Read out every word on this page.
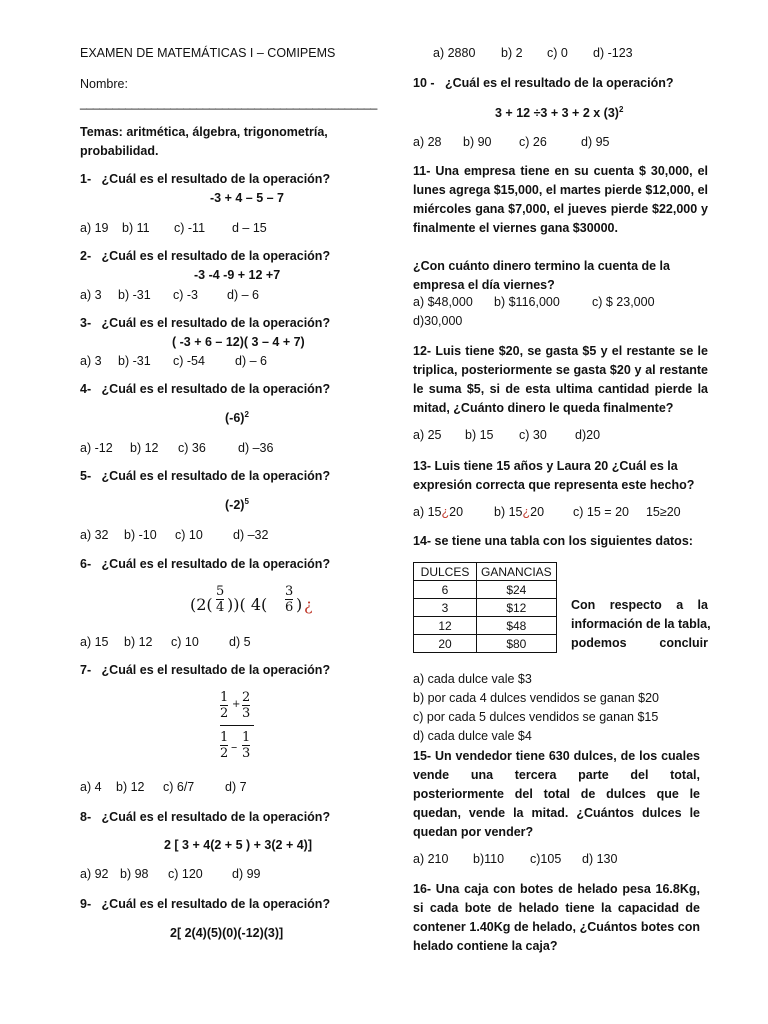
EXAMEN DE MATEMÁTICAS I – COMIPEMS
Nombre:
______________________________________________
Temas: aritmética, álgebra, trigonometría,
probabilidad.
1- ¿Cuál es el resultado de la operación?
-3 + 4 – 5 – 7
a) 19 b) 11 c) -11 d – 15
2- ¿Cuál es el resultado de la operación?
-3 -4 -9 + 12 +7
a) 3 b) -31 c) -3 d) – 6
3- ¿Cuál es el resultado de la operación?
( -3 + 6 – 12)( 3 – 4 + 7)
a) 3 b) -31 c) -54 d) – 6
4- ¿Cuál es el resultado de la operación?
$(-6)^2$
a) -12 b) 12 c) 36	d) –36
5- ¿Cuál es el resultado de la operación?
$(-2)^5$
a) 32 b) -10 c) 10 d) –32
6- ¿Cuál es el resultado de la operación?
(2(
5
4 ))( 4(
3
6 ) ¿
a) 15 b) 12 c) 10 d) 5
7- ¿Cuál es el resultado de la operación?
1
2
+ 2
3
1
2 –
1
3
a) 4 b) 12 c) 6/7 d) 7
8- ¿Cuál es el resultado de la operación?
2 [ 3 + 4(2 + 5 ) + 3(2 + 4)]
a) 92 b) 98 c) 120 d) 99
9- ¿Cuál es el resultado de la operación?
2[ 2(4)(5)(0)(-12)(3)]
a) 2880 b) 2 c) 0 d) -123
10 - ¿Cuál es el resultado de la operación?
3 + 12 ÷3 + 3 + 2 x $(3)^2$
a) 28 b) 90 c) 26	d) 95
11- Una empresa tiene en su cuenta $ 30,000, el lunes agrega $15,000, el martes pierde $12,000, el miércoles gana $7,000, el jueves pierde $22,000 y finalmente el viernes gana $30000.
¿Con cuánto dinero termino la cuenta de la empresa el día viernes?
a) $48,000 b) $116,000	c) $ 23,000
d)30,000
12- Luis tiene $20, se gasta $5 y el restante se le triplica, posteriormente se gasta $20 y al restante le suma $5, si de esta ultima cantidad pierde la mitad, ¿Cuánto dinero le queda finalmente?
a) 25 b) 15 c) 30 d)20
13- Luis tiene 15 años y Laura 20 ¿Cuál es la expresión correcta que representa este hecho?
a) 15¿20 b) 15¿20 c) 15 = 20 15≥20
14- se tiene una tabla con los siguientes datos:
DULCES	GANANCIAS
6	$24
3	$12
12	$48
20	$80
Con respecto a la
información de la tabla,
podemos	concluir
a) cada dulce vale $3
b) por cada 4 dulces vendidos se ganan $20
c) por cada 5 dulces vendidos se ganan $15
d) cada dulce vale $4
15- Un vendedor tiene 630 dulces, de los cuales vende una tercera parte del total, posteriormente del total de dulces que le quedan, vende la mitad. ¿Cuántos dulces le quedan por vender?
a) 210 b)110 c)105 d) 130
16- Una caja con botes de helado pesa 16.8Kg, si cada bote de helado tiene la capacidad de contener 1.40Kg de helado, ¿Cuántos botes con helado contiene la caja?
